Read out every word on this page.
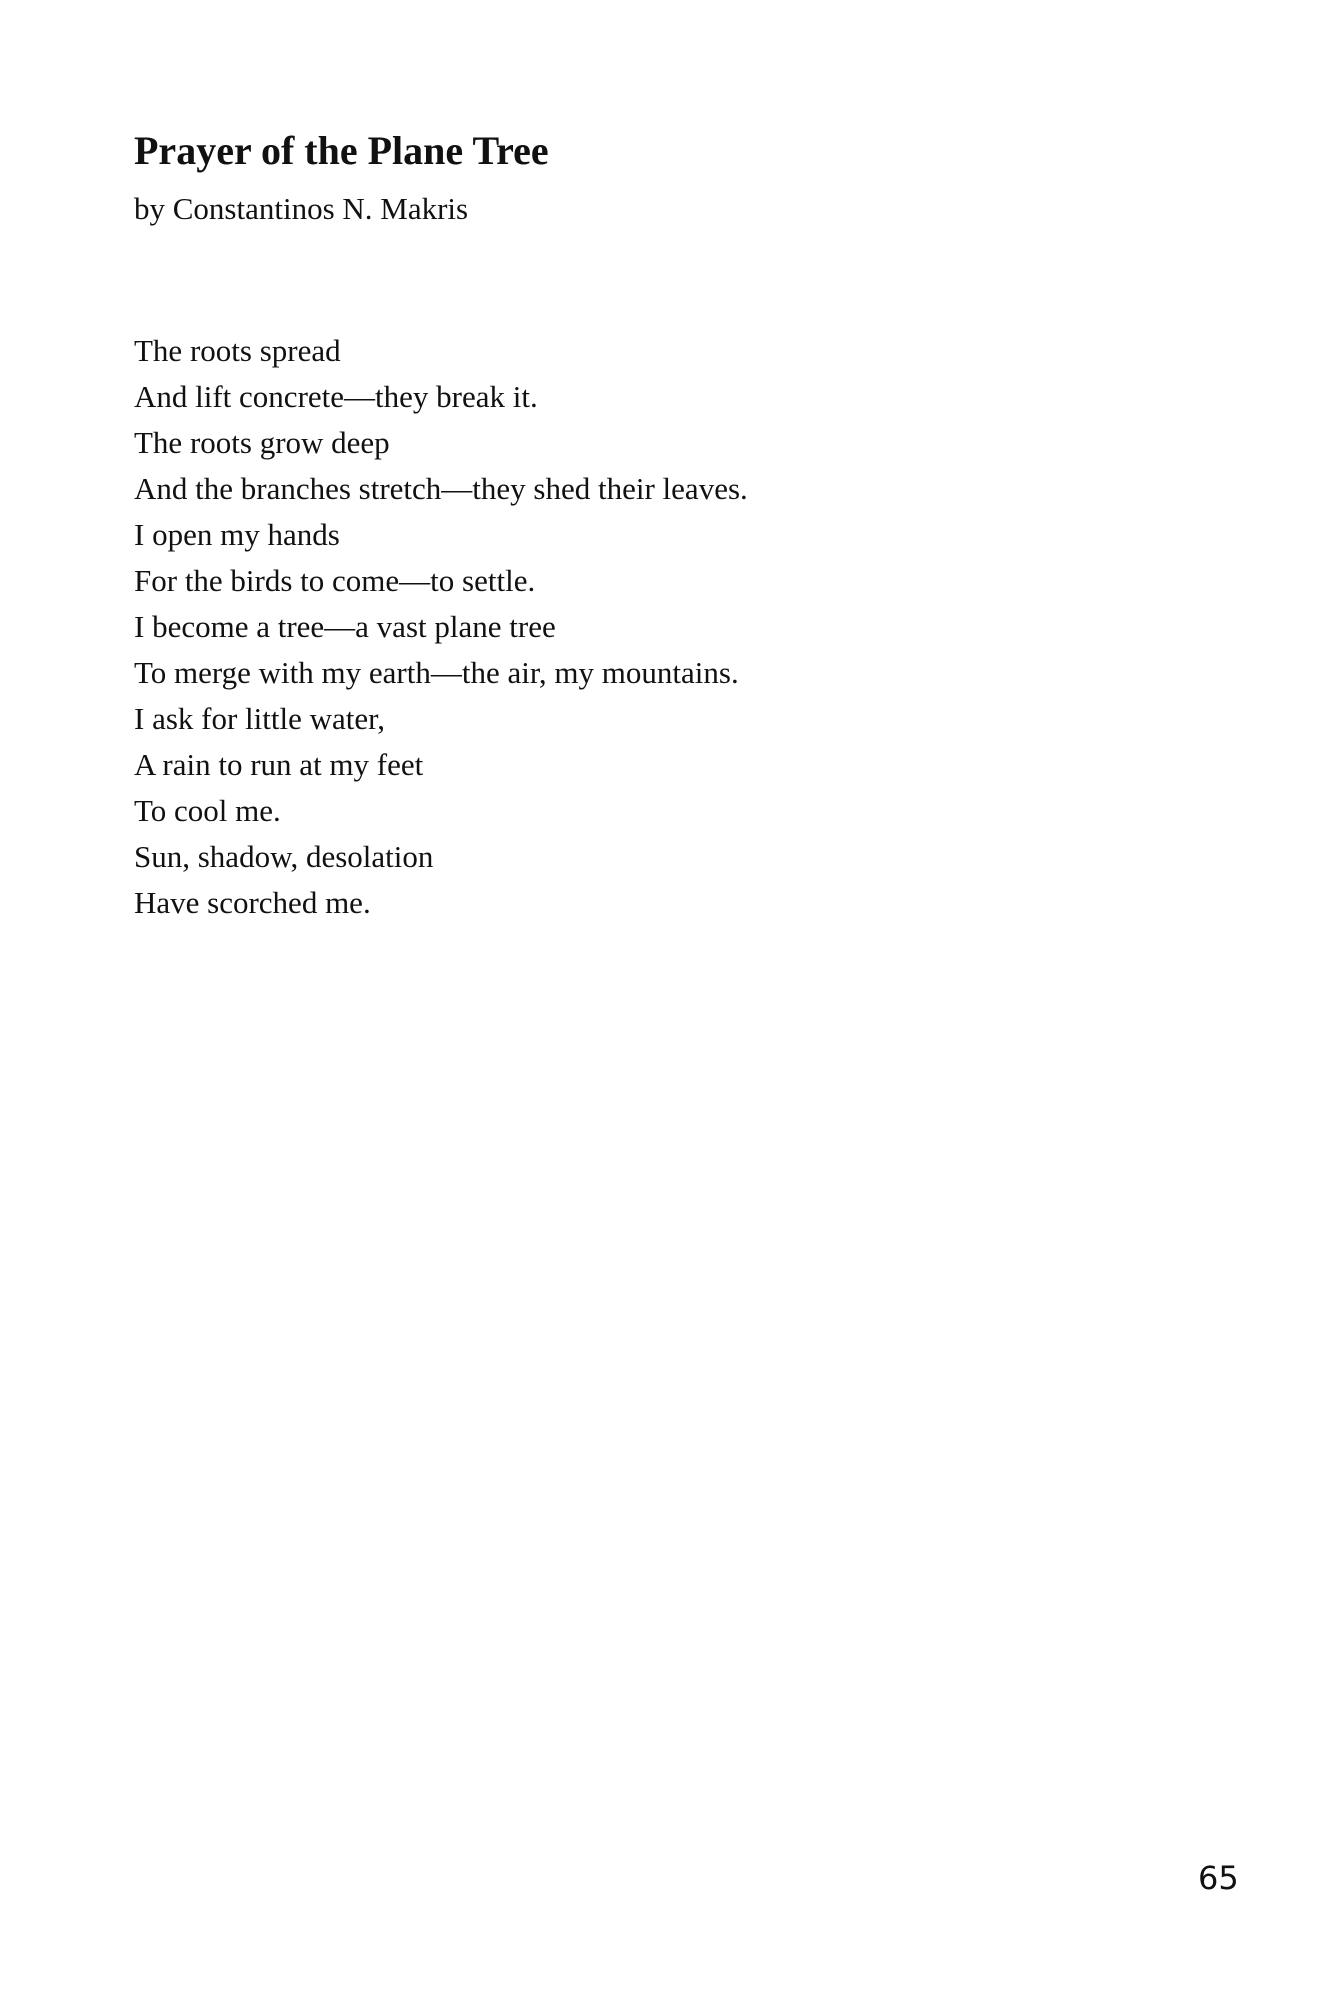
Prayer of the Plane Tree

by Constantinos N. Makris

The roots spread
And lift concrete—they break it.
The roots grow deep
And the branches stretch—they shed their leaves.
I open my hands
For the birds to come—to settle.
I become a tree—a vast plane tree
To merge with my earth—the air, my mountains.
I ask for little water,
A rain to run at my feet
To cool me.
Sun, shadow, desolation
Have scorched me.
65
